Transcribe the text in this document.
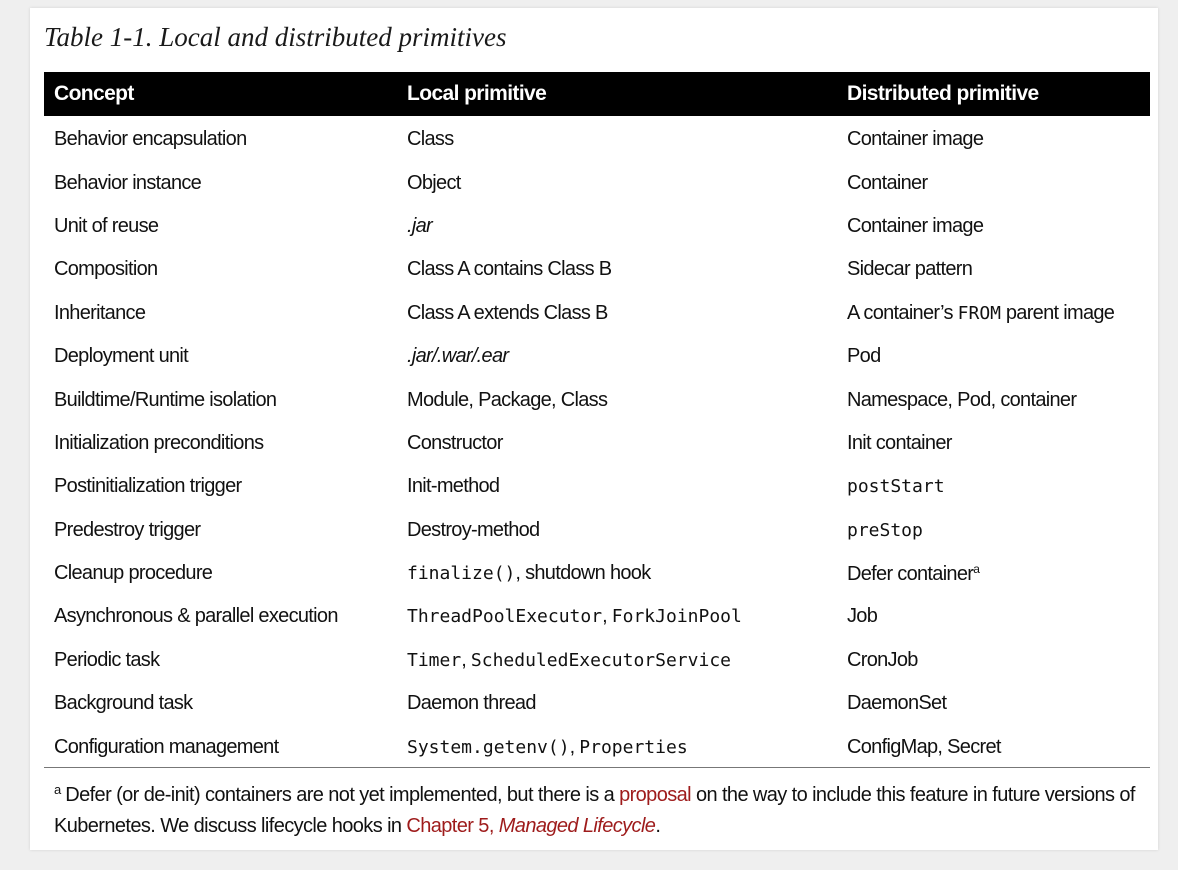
Table 1-1. Local and distributed primitives
Concept	Local primitive	Distributed primitive
Behavior encapsulation	Class	Container image
Behavior instance	Object	Container
Unit of reuse	.jar	Container image
Composition	Class A contains Class B	Sidecar pattern
Inheritance	Class A extends Class B	A container’s FROM parent image
Deployment unit	.jar/.war/.ear	Pod
Buildtime/Runtime isolation	Module, Package, Class	Namespace, Pod, container
Initialization preconditions	Constructor	Init container
Postinitialization trigger	Init-method	postStart
Predestroy trigger	Destroy-method	preStop
Cleanup procedure	finalize(), shutdown hook	Defer container$^a$
Asynchronous & parallel execution	ThreadPoolExecutor, ForkJoinPool	Job
Periodic task	Timer, ScheduledExecutorService	CronJob
Background task	Daemon thread	DaemonSet
Configuration management	System.getenv(), Properties	ConfigMap, Secret
$^a$ Defer (or de-init) containers are not yet implemented, but there is a proposal on the way to include this feature in future versions of Kubernetes. We discuss lifecycle hooks in Chapter 5, Managed Lifecycle.
